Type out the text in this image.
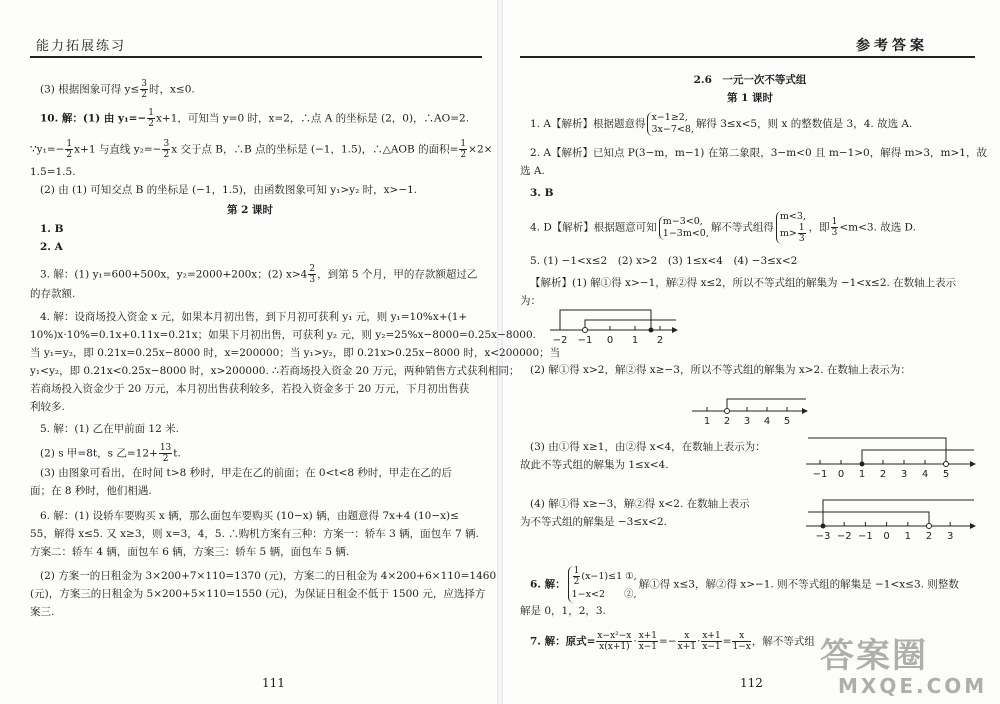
能力拓展练习	参考答案
(3) 根据图象可得 $y\le \frac{3}{2}$ 时，x≤0.
10. 解：(1) 由 $y_1=- \frac{1}{2} x+1$，可知当 y=0 时，x=2，∴点 A 的坐标是 (2，0)，∴AO=2.
∵y₁=− $\frac{1}{2} x+1$ 与直线 $y_2=- \frac{3}{2}$ x 交于点 B，∴B 点的坐标是 (−1，1.5)，∴△AOB 的面积= $\frac{1}{2} \times 2\times$
1.5=1.5.
(2) 由 (1) 可知交点 B 的坐标是 (−1，1.5)，由函数图象可知 y₁>y₂ 时，x>−1.
第 2 课时
1. B
2. A
3. 解：(1) y₁=600+500x，y₂=2000+200x；(2) $x>4 \frac{2}{3}$ ，到第 5 个月，甲的存款额超过乙
的存款额.
4. 解：设商场投入资金 x 元，如果本月初出售，到下月初可获利 y₁ 元，则 y₁=10%x+(1+
10%)x·10%=0.1x+0.11x=0.21x；如果下月初出售，可获利 y₂ 元，则 y₂=25%x−8000=0.25x−8000.
当 y₁=y₂，即 0.21x=0.25x−8000 时，x=200000；当 y₁>y₂，即 0.21x>0.25x−8000 时，x<200000；当
y₁<y₂，即 0.21x<0.25x−8000 时，x>200000. ∴若商场投入资金 20 万元，两种销售方式获利相同；
若商场投入资金少于 20 万元，本月初出售获利较多，若投入资金多于 20 万元，下月初出售获
利较多.
5. 解：(1) 乙在甲前面 12 米.
(2) s 甲=8t，s 乙$=12+ \frac{13}{2} t$.
(3) 由图象可看出，在时间 t>8 秒时，甲走在乙的前面；在 0<t<8 秒时，甲走在乙的后
面；在 8 秒时，他们相遇.
6. 解：(1) 设轿车要购买 x 辆，那么面包车要购买 (10−x) 辆，由题意得 7x+4 (10−x)≤
55，解得 x≤5. 又 x≥3，则 x=3，4，5. ∴购机方案有三种：方案一：轿车 3 辆，面包车 7 辆.
方案二：轿车 4 辆，面包车 6 辆，方案三：轿车 5 辆，面包车 5 辆.
(2) 方案一的日租金为 3×200+7×110=1370 (元)，方案二的日租金为 4×200+6×110=1460
(元)，方案三的日租金为 5×200+5×110=1550 (元)，为保证日租金不低于 1500 元，应选择方
案三.
111
2.6　一元一次不等式组
第 1 课时
1. A【解析】根据题意得
x−1≥2,
3x−7<8, 解得 3≤x<5，则 x 的整数值是 3，4. 故选 A.
2. A【解析】已知点 P(3−m，m−1) 在第二象限，3−m<0 且 m−1>0，解得 m>3，m>1，故
选 A.
3. B
4. D【解析】根据题意可知
m−3<0,
1−3m<0, 解不等式组得
m<3,
$m> \frac{1}{3}$ ，即 $\frac{1}{3} <m<3$. 故选 D.
5. (1) −1<x≤2　(2) x>2　(3) 1≤x<4　(4) −3≤x<2
【解析】(1) 解①得 x>−1，解②得 x≤2，所以不等式组的解集为 −1<x≤2. 在数轴上表示
为：
−2 −1 0 1 2
(2) 解①得 x>2，解②得 x≥−3，所以不等式组的解集为 x>2. 在数轴上表示为：
1 2 3 4 5
(3) 由①得 x≥1，由②得 x<4，在数轴上表示为：
故此不等式组的解集为 1≤x<4.
−1 0 1 2 3 4 5
(4) 解①得 x≥−3，解②得 x<2. 在数轴上表示
为不等式组的解集是 −3≤x<2.
−3 −2 −1 0 1 2 3
6. 解： $\frac{1}{2} (x-1)\le 1$ ①,
1−x<2　　②,
解①得 x≤3，解②得 x>−1. 则不等式组的解集是 −1<x≤3. 则整数
解是 0，1，2，3.
7. 解：原式= $\frac{\text{x−x²−x}}{x(x+1)} \cdot \frac{x+1}{x-1} =- \frac{x}{x+1} \cdot \frac{x+1}{x-1} = \frac{x}{1-x}$ ，解不等式组
112
答案圈
MXQE.COM
